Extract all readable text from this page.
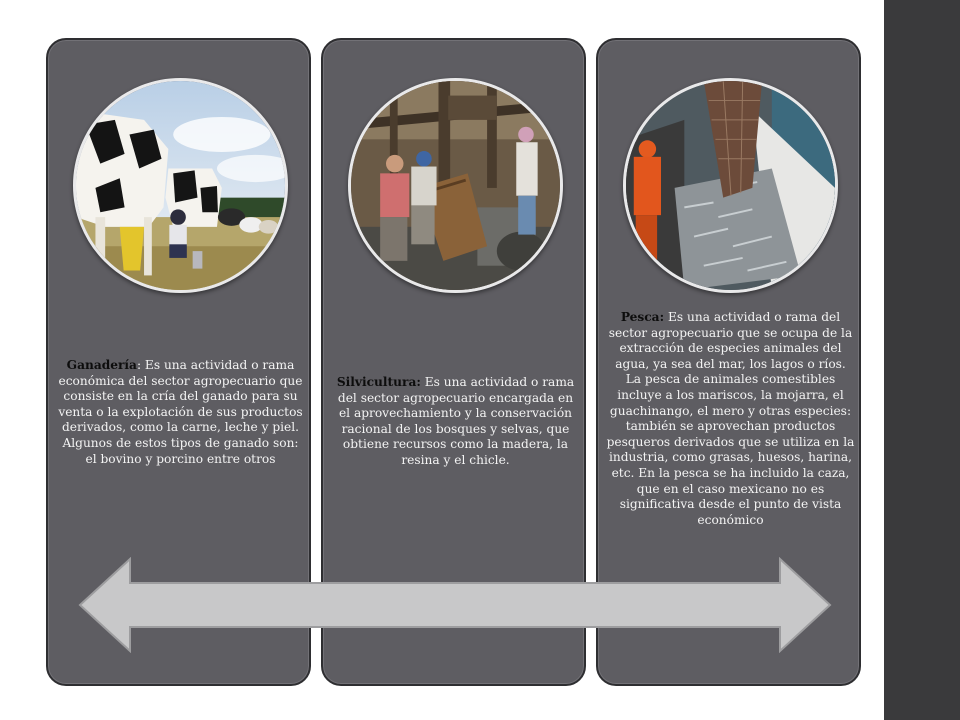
Ganadería: Es una actividad o rama económica del sector agropecuario que consiste en la cría del ganado para su venta o la explotación de sus productos derivados, como la carne, leche y piel. Algunos de estos tipos de ganado son: el bovino y porcino entre otros
Silvicultura: Es una actividad o rama del sector agropecuario encargada en el aprovechamiento y la conservación racional de los bosques y selvas, que obtiene recursos como la madera, la resina y el chicle.
Pesca: Es una actividad o rama del sector agropecuario que se ocupa de la extracción de especies animales del agua, ya sea del mar, los lagos o ríos. La pesca de animales comestibles incluye a los mariscos, la mojarra, el guachinango, el mero y otras especies: también se aprovechan productos pesqueros derivados que se utiliza en la industria, como grasas, huesos, harina, etc. En la pesca se ha incluido la caza, que en el caso mexicano no es significativa desde el punto de vista económico
